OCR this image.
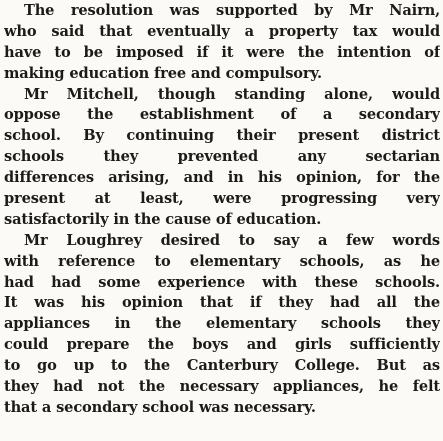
The resolution was supported by Mr Nairn,
who said that eventually a property tax would
have to be imposed if it were the intention of
making education free and compulsory.
Mr Mitchell, though standing alone, would
oppose the establishment of a secondary
school. By continuing their present district
schools they prevented any sectarian
differences arising, and in his opinion, for the
present at least, were progressing very
satisfactorily in the cause of education.
Mr Loughrey desired to say a few words
with reference to elementary schools, as he
had had some experience with these schools.
It was his opinion that if they had all the
appliances in the elementary schools they
could prepare the boys and girls sufficiently
to go up to the Canterbury College. But as
they had not the necessary appliances, he felt
that a secondary school was necessary.
